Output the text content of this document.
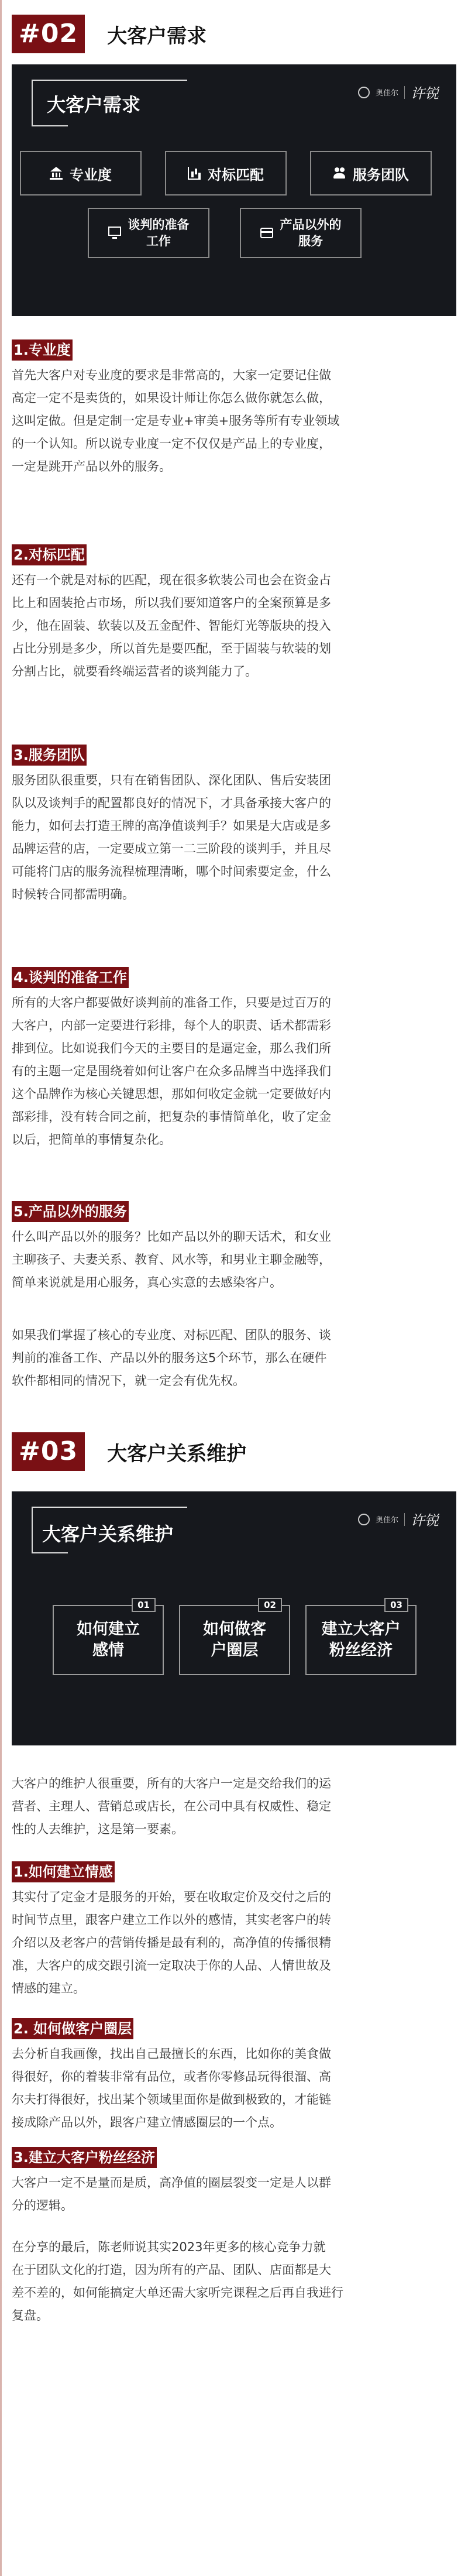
#02	大客户需求
大客户需求
奥佳尔 许锐
专业度	对标匹配	服务团队
谈判的准备
工作
产品以外的
服务
1.专业度
首先大客户对专业度的要求是非常高的，大家一定要记住做
高定一定不是卖货的，如果设计师让你怎么做你就怎么做，
这叫定做。但是定制一定是专业+审美+服务等所有专业领域
的一个认知。所以说专业度一定不仅仅是产品上的专业度，
一定是跳开产品以外的服务。
2.对标匹配
还有一个就是对标的匹配，现在很多软装公司也会在资金占
比上和固装抢占市场，所以我们要知道客户的全案预算是多
少，他在固装、软装以及五金配件、智能灯光等版块的投入
占比分别是多少，所以首先是要匹配，至于固装与软装的划
分割占比，就要看终端运营者的谈判能力了。
3.服务团队
服务团队很重要，只有在销售团队、深化团队、售后安装团
队以及谈判手的配置都良好的情况下，才具备承接大客户的
能力，如何去打造王牌的高净值谈判手？如果是大店或是多
品牌运营的店，一定要成立第一二三阶段的谈判手，并且尽
可能将门店的服务流程梳理清晰，哪个时间索要定金，什么
时候转合同都需明确。
4.谈判的准备工作
所有的大客户都要做好谈判前的准备工作，只要是过百万的
大客户，内部一定要进行彩排，每个人的职责、话术都需彩
排到位。比如说我们今天的主要目的是逼定金，那么我们所
有的主题一定是围绕着如何让客户在众多品牌当中选择我们
这个品牌作为核心关键思想，那如何收定金就一定要做好内
部彩排，没有转合同之前，把复杂的事情简单化，收了定金
以后，把简单的事情复杂化。
5.产品以外的服务
什么叫产品以外的服务？比如产品以外的聊天话术，和女业
主聊孩子、夫妻关系、教育、风水等，和男业主聊金融等，
简单来说就是用心服务，真心实意的去感染客户。
如果我们掌握了核心的专业度、对标匹配、团队的服务、谈
判前的准备工作、产品以外的服务这5个环节，那么在硬件
软件都相同的情况下，就一定会有优先权。
#03	大客户关系维护
大客户关系维护
奥佳尔 许锐
01
如何建立
感情
02
如何做客
户圈层
03
建立大客户
粉丝经济
大客户的维护人很重要，所有的大客户一定是交给我们的运
营者、主理人、营销总或店长，在公司中具有权威性、稳定
性的人去维护，这是第一要素。
1.如何建立情感
其实付了定金才是服务的开始，要在收取定价及交付之后的
时间节点里，跟客户建立工作以外的感情，其实老客户的转
介绍以及老客户的营销传播是最有利的，高净值的传播很精
准，大客户的成交跟引流一定取决于你的人品、人情世故及
情感的建立。
2. 如何做客户圈层
去分析自我画像，找出自己最擅长的东西，比如你的美食做
得很好，你的着装非常有品位，或者你零修品玩得很溜、高
尔夫打得很好，找出某个领域里面你是做到极致的，才能链
接成除产品以外，跟客户建立情感圈层的一个点。
3.建立大客户粉丝经济
大客户一定不是量而是质，高净值的圈层裂变一定是人以群
分的逻辑。
在分享的最后，陈老师说其实2023年更多的核心竞争力就
在于团队文化的打造，因为所有的产品、团队、店面都是大
差不差的，如何能搞定大单还需大家听完课程之后再自我进行
复盘。
